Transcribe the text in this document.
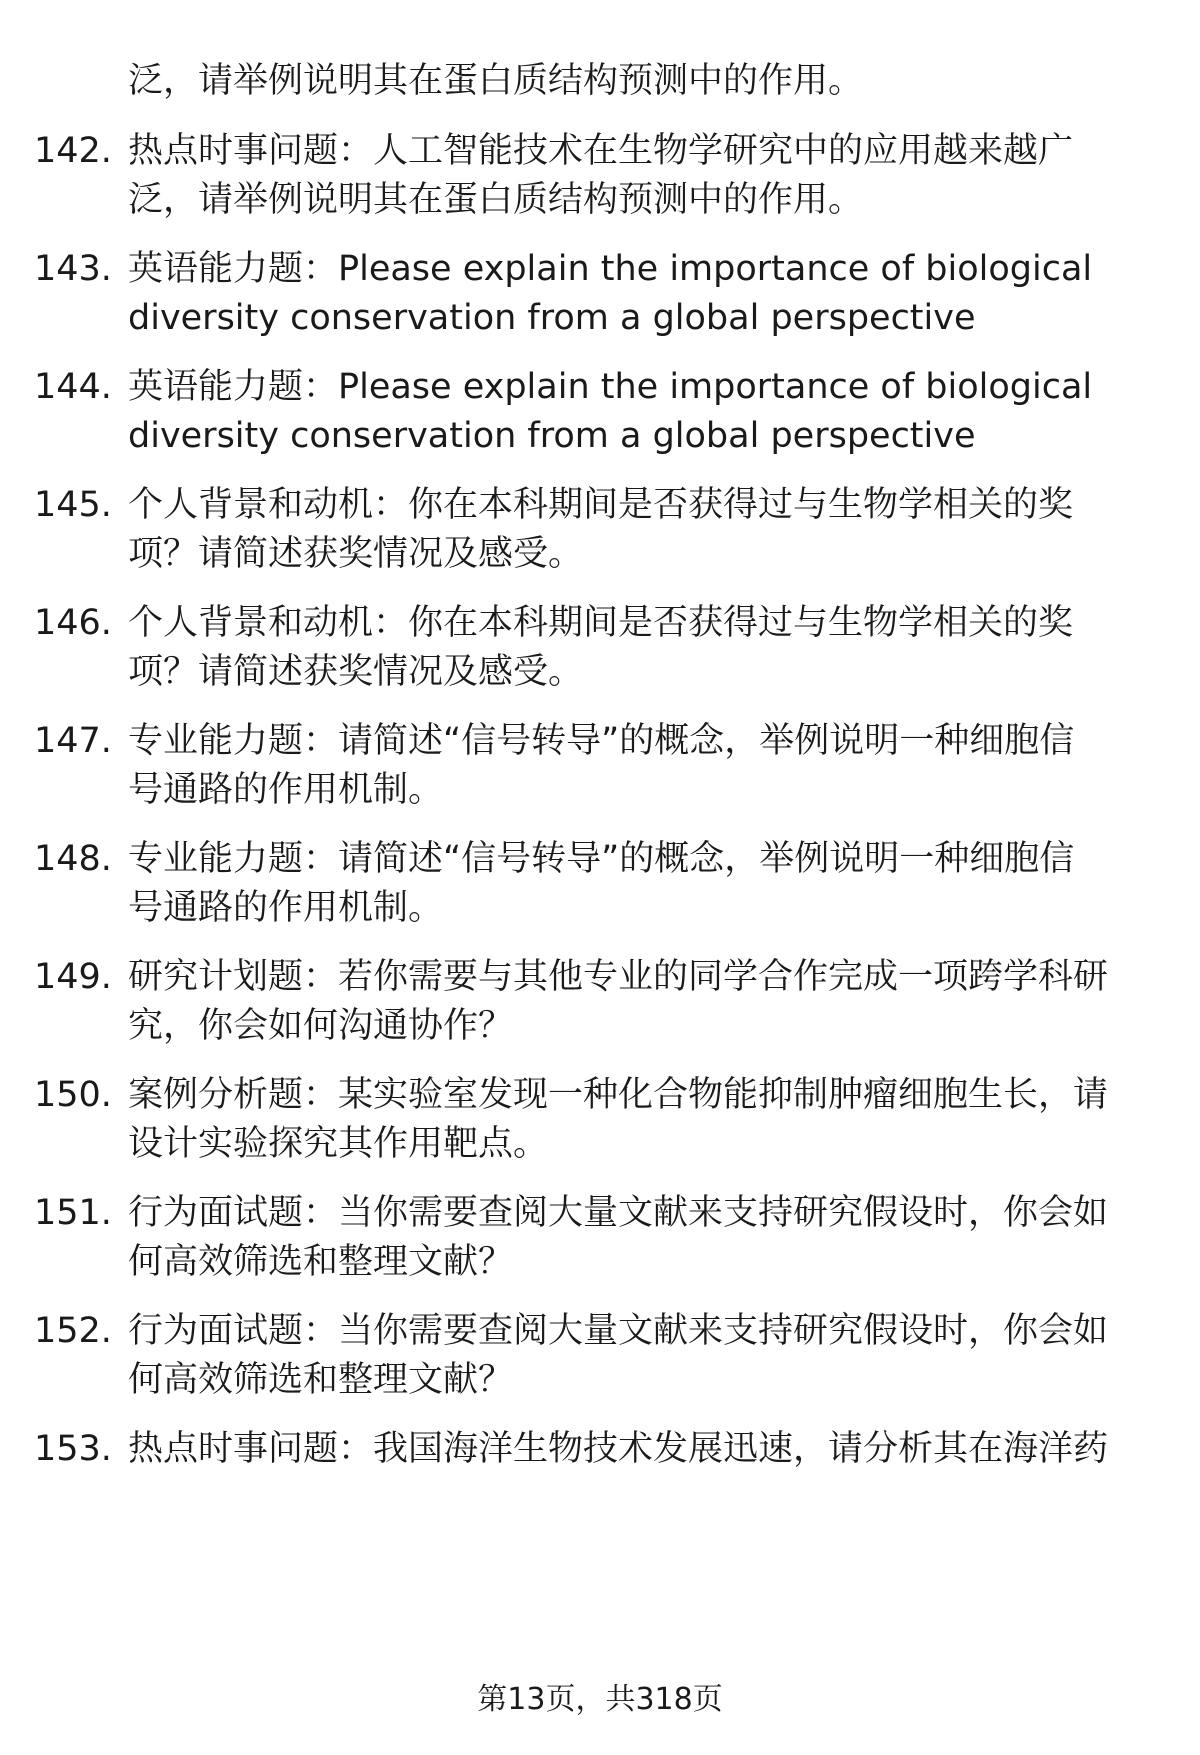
泛，请举例说明其在蛋白质结构预测中的作用。
142. 热点时事问题：人工智能技术在生物学研究中的应用越来越广
泛，请举例说明其在蛋白质结构预测中的作用。
143. 英语能力题：Please explain the importance of biological
diversity conservation from a global perspective
144. 英语能力题：Please explain the importance of biological
diversity conservation from a global perspective
145. 个人背景和动机：你在本科期间是否获得过与生物学相关的奖
项？请简述获奖情况及感受。
146. 个人背景和动机：你在本科期间是否获得过与生物学相关的奖
项？请简述获奖情况及感受。
147. 专业能力题：请简述“信号转导”的概念，举例说明一种细胞信
号通路的作用机制。
148. 专业能力题：请简述“信号转导”的概念，举例说明一种细胞信
号通路的作用机制。
149. 研究计划题：若你需要与其他专业的同学合作完成一项跨学科研
究，你会如何沟通协作？
150. 案例分析题：某实验室发现一种化合物能抑制肿瘤细胞生长，请
设计实验探究其作用靶点。
151. 行为面试题：当你需要查阅大量文献来支持研究假设时，你会如
何高效筛选和整理文献？
152. 行为面试题：当你需要查阅大量文献来支持研究假设时，你会如
何高效筛选和整理文献？
153. 热点时事问题：我国海洋生物技术发展迅速，请分析其在海洋药
第13页，共318页
